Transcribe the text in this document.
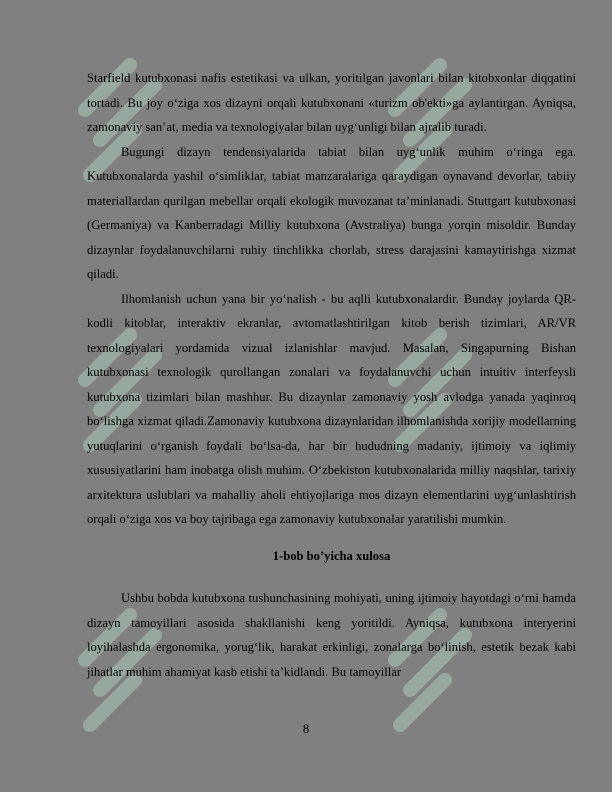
Starfield kutubxonasi nafis estetikasi va ulkan, yoritilgan javonlari bilan kitobxonlar diqqatini tortadi. Bu joy o‘ziga xos dizayni orqali kutubxonani «turizm ob'ekti»ga aylantirgan. Ayniqsa, zamonaviy san’at, media va texnologiyalar bilan uyg‘unligi bilan ajralib turadi.

Bugungi dizayn tendensiyalarida tabiat bilan uyg‘unlik muhim o‘ringa ega. Kutubxonalarda yashil o‘simliklar, tabiat manzaralariga qaraydigan oynavand devorlar, tabiiy materiallardan qurilgan mebellar orqali ekologik muvozanat ta’minlanadi. Stuttgart kutubxonasi (Germaniya) va Kanberradagi Milliy kutubxona (Avstraliya) bunga yorqin misoldir. Bunday dizaynlar foydalanuvchilarni ruhiy tinchlikka chorlab, stress darajasini kamaytirishga xizmat qiladi.

Ilhomlanish uchun yana bir yo‘nalish - bu aqlli kutubxonalardir. Bunday joylarda QR-kodli kitoblar, interaktiv ekranlar, avtomatlashtirilgan kitob berish tizimlari, AR/VR texnologiyalari yordamida vizual izlanishlar mavjud. Masalan, Singapurning Bishan kutubxonasi texnologik qurollangan zonalari va foydalanuvchi uchun intuitiv interfeysli kutubxona tizimlari bilan mashhur. Bu dizaynlar zamonaviy yosh avlodga yanada yaqinroq bo‘lishga xizmat qiladi.Zamonaviy kutubxona dizaynlaridan ilhomlanishda xorijiy modellarning yutuqlarini o‘rganish foydali bo‘lsa-da, har bir hududning madaniy, ijtimoiy va iqlimiy xususiyatlarini ham inobatga olish muhim. O‘zbekiston kutubxonalarida milliy naqshlar, tarixiy arxitektura uslublari va mahalliy aholi ehtiyojlariga mos dizayn elementlarini uyg‘unlashtirish orqali o‘ziga xos va boy tajribaga ega zamonaviy kutubxonalar yaratilishi mumkin.

1-bob bo’yicha xulosa

Ushbu bobda kutubxona tushunchasining mohiyati, uning ijtimoiy hayotdagi o‘rni hamda dizayn tamoyillari asosida shakllanishi keng yoritildi. Ayniqsa, kutubxona interyerini loyihalashda ergonomika, yorug‘lik, harakat erkinligi, zonalarga bo‘linish, estetik bezak kabi jihatlar muhim ahamiyat kasb etishi ta’kidlandi. Bu tamoyillar

8
